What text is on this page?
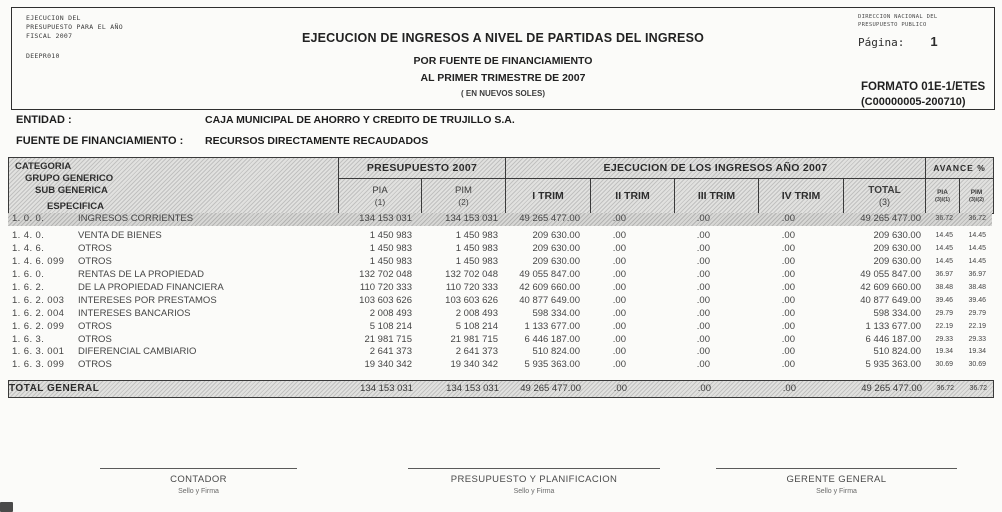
EJECUCION DEL
PRESUPUESTO PARA EL AÑO
FISCAL 2007
DEEPR010
EJECUCION DE INGRESOS A NIVEL DE PARTIDAS DEL INGRESO
POR FUENTE DE FINANCIAMIENTO
AL PRIMER TRIMESTRE DE 2007
( EN NUEVOS SOLES)
DIRECCION NACIONAL DEL
PRESUPUESTO PUBLICO
Página: 1
FORMATO 01E-1/ETES
(C00000005-200710)
ENTIDAD :	CAJA MUNICIPAL DE AHORRO Y CREDITO DE TRUJILLO S.A.
FUENTE DE FINANCIAMIENTO : RECURSOS DIRECTAMENTE RECAUDADOS
CATEGORIA
GRUPO GENERICO
SUB GENERICA
ESPECIFICA
PRESUPUESTO 2007	EJECUCION DE LOS INGRESOS AÑO 2007	AVANCE %
PIA
(1)
PIM
(2)	I TRIM	II TRIM	III TRIM	IV TRIM	TOTAL
(3)
PIA
(3)/(1)
PIM
(3)/(2)
1. 0. 0.	INGRESOS CORRIENTES	134 153 031	134 153 031	49 265 477.00	.00	.00	.00	49 265 477.00	36.72	36.72
1. 4. 0.	VENTA DE BIENES	1 450 983	1 450 983	209 630.00	.00	.00	.00	209 630.00	14.45	14.45
1. 4. 6.	OTROS	1 450 983	1 450 983	209 630.00	.00	.00	.00	209 630.00	14.45	14.45
1. 4. 6. 099	OTROS	1 450 983	1 450 983	209 630.00	.00	.00	.00	209 630.00	14.45	14.45
1. 6. 0.	RENTAS DE LA PROPIEDAD	132 702 048	132 702 048	49 055 847.00	.00	.00	.00	49 055 847.00	36.97	36.97
1. 6. 2.	DE LA PROPIEDAD FINANCIERA	110 720 333	110 720 333	42 609 660.00	.00	.00	.00	42 609 660.00	38.48	38.48
1. 6. 2. 003	INTERESES POR PRESTAMOS	103 603 626	103 603 626	40 877 649.00	.00	.00	.00	40 877 649.00	39.46	39.46
1. 6. 2. 004	INTERESES BANCARIOS	2 008 493	2 008 493	598 334.00	.00	.00	.00	598 334.00	29.79	29.79
1. 6. 2. 099	OTROS	5 108 214	5 108 214	1 133 677.00	.00	.00	.00	1 133 677.00	22.19	22.19
1. 6. 3.	OTROS	21 981 715	21 981 715	6 446 187.00	.00	.00	.00	6 446 187.00	29.33	29.33
1. 6. 3. 001	DIFERENCIAL CAMBIARIO	2 641 373	2 641 373	510 824.00	.00	.00	.00	510 824.00	19.34	19.34
1. 6. 3. 099	OTROS	19 340 342	19 340 342	5 935 363.00	.00	.00	.00	5 935 363.00	30.69	30.69
TOTAL GENERAL	134 153 031	134 153 031	49 265 477.00	.00	.00	.00	49 265 477.00	36.72	36.72
CONTADOR
Sello y Firma
PRESUPUESTO Y PLANIFICACION
Sello y Firma
GERENTE GENERAL
Sello y Firma
